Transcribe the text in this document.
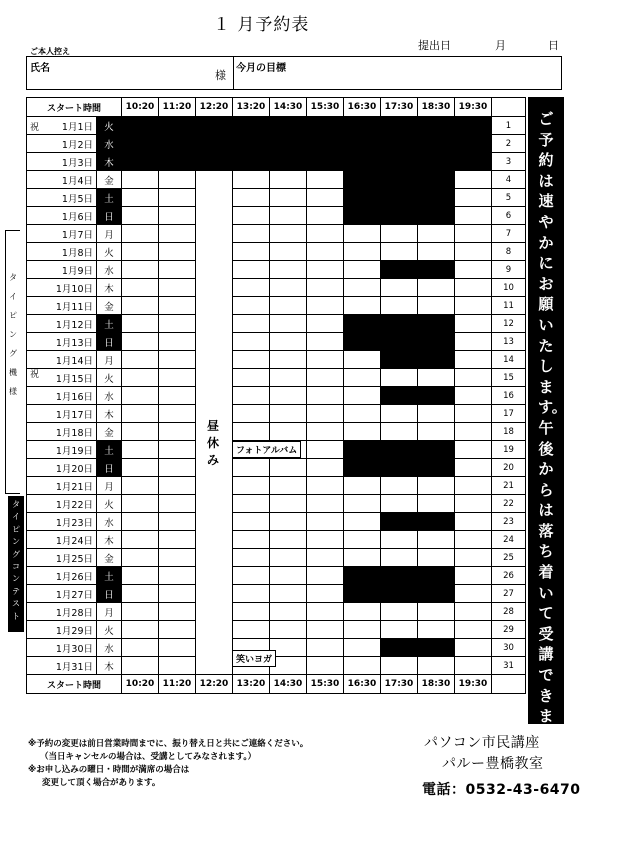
１ 月予約表
提出日	月	日
ご本人控え
氏名
様
今月の目標
スタート時間		10:20	11:20	12:20	13:20	14:30	15:30	16:30	17:30	18:30	19:30	
1月1日	火											1
1月2日	水											2
1月3日	木											3
1月4日	金											4
1月5日	土											5
1月6日	日											6
1月7日	月											7
1月8日	火											8
1月9日	水											9
1月10日	木											10
1月11日	金											11
1月12日	土											12
1月13日	日											13
1月14日	月											14
1月15日	火											15
1月16日	水											16
1月17日	木											17
1月18日	金											18
1月19日	土											19
1月20日	日											20
1月21日	月											21
1月22日	火											22
1月23日	水											23
1月24日	木											24
1月25日	金											25
1月26日	土											26
1月27日	日											27
1月28日	月											28
1月29日	火											29
1月30日	水											30
1月31日	木											31
スタート時間		10:20	11:20	12:20	13:20	14:30	15:30	16:30	17:30	18:30	19:30	
昼休み
フォトアルバム
笑いヨガ
ご予約は速やかにお願いたします。午後からは落ち着いて受講できます。
タイピング機様
タイピングコンテスト
※予約の変更は前日営業時間までに、振り替え日と共にご連絡ください。
（当日キャンセルの場合は、受講としてみなされます。）
※お申し込みの曜日・時間が満席の場合は
変更して頂く場合があります。
パソコン市民講座
パルー豊橋教室
電話：0532-43-6470
祝
祝
